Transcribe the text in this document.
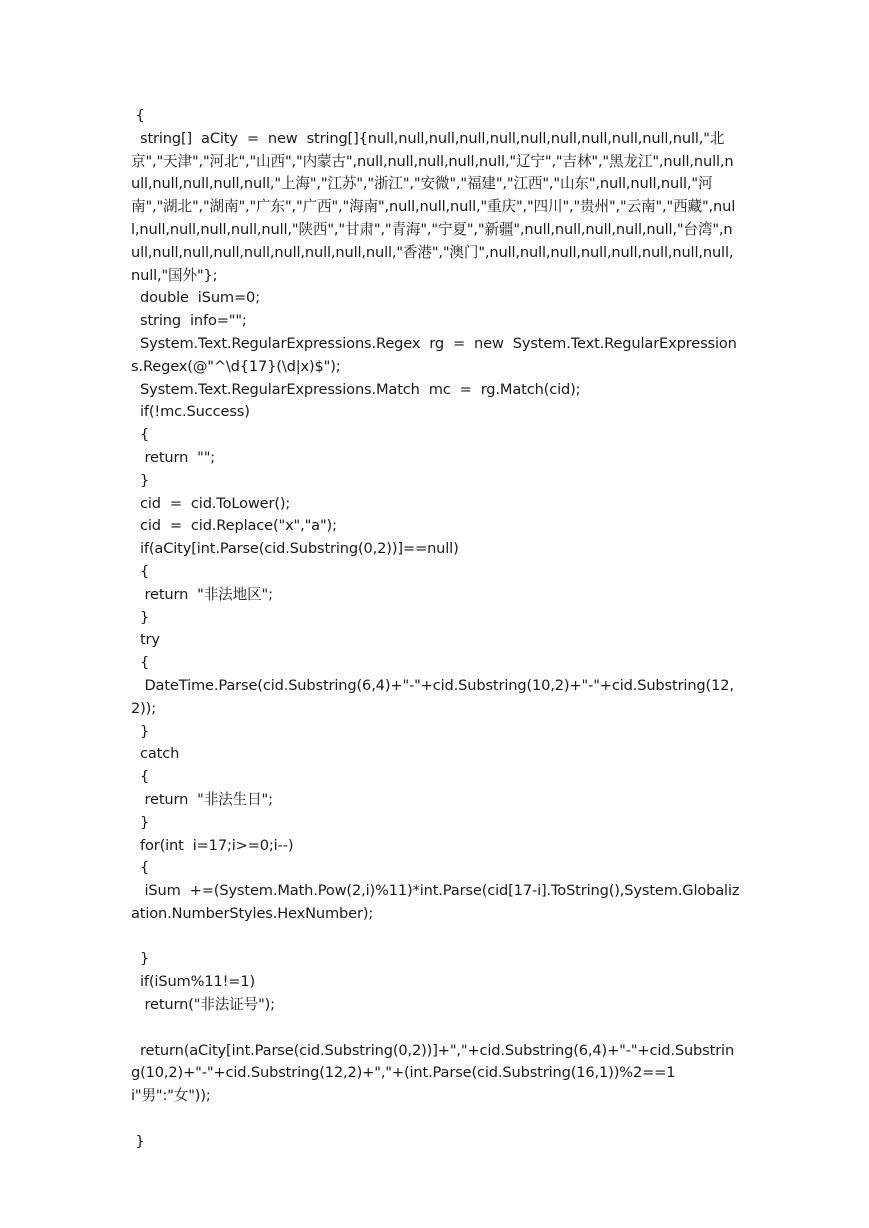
{
string[]  aCity  =  new  string[]{null,null,null,null,null,null,null,null,null,null,null,"北京","天津","河北","山西","内蒙古",null,null,null,null,null,"辽宁","吉林","黑龙江",null,null,null,null,null,null,null,"上海","江苏","浙江","安微","福建","江西","山东",null,null,null,"河南","湖北","湖南","广东","广西","海南",null,null,null,"重庆","四川","贵州","云南","西藏",null,null,null,null,null,null,"陕西","甘肃","青海","宁夏","新疆",null,null,null,null,null,"台湾",null,null,null,null,null,null,null,null,null,"香港","澳门",null,null,null,null,null,null,null,null,null,"国外"};
double  iSum=0;
string  info="";
System.Text.RegularExpressions.Regex  rg  =  new  System.Text.RegularExpressions.Regex(@"^\d{17}(\d|x)$");
System.Text.RegularExpressions.Match  mc  =  rg.Match(cid);
if(!mc.Success)
{
return  "";
}
cid  =  cid.ToLower();
cid  =  cid.Replace("x","a");
if(aCity[int.Parse(cid.Substring(0,2))]==null)
{
return  "非法地区";
}
try
{
DateTime.Parse(cid.Substring(6,4)+"-"+cid.Substring(10,2)+"-"+cid.Substring(12,2));
}
catch
{
return  "非法生日";
}
for(int  i=17;i>=0;i--)
{
iSum  +=(System.Math.Pow(2,i)%11)*int.Parse(cid[17-i].ToString(),System.Globalization.NumberStyles.HexNumber);
}
if(iSum%11!=1)
return("非法证号");
return(aCity[int.Parse(cid.Substring(0,2))]+","+cid.Substring(6,4)+"-"+cid.Substring(10,2)+"-"+cid.Substring(12,2)+","+(int.Parse(cid.Substring(16,1))%2==1i"男":"女"));
}
